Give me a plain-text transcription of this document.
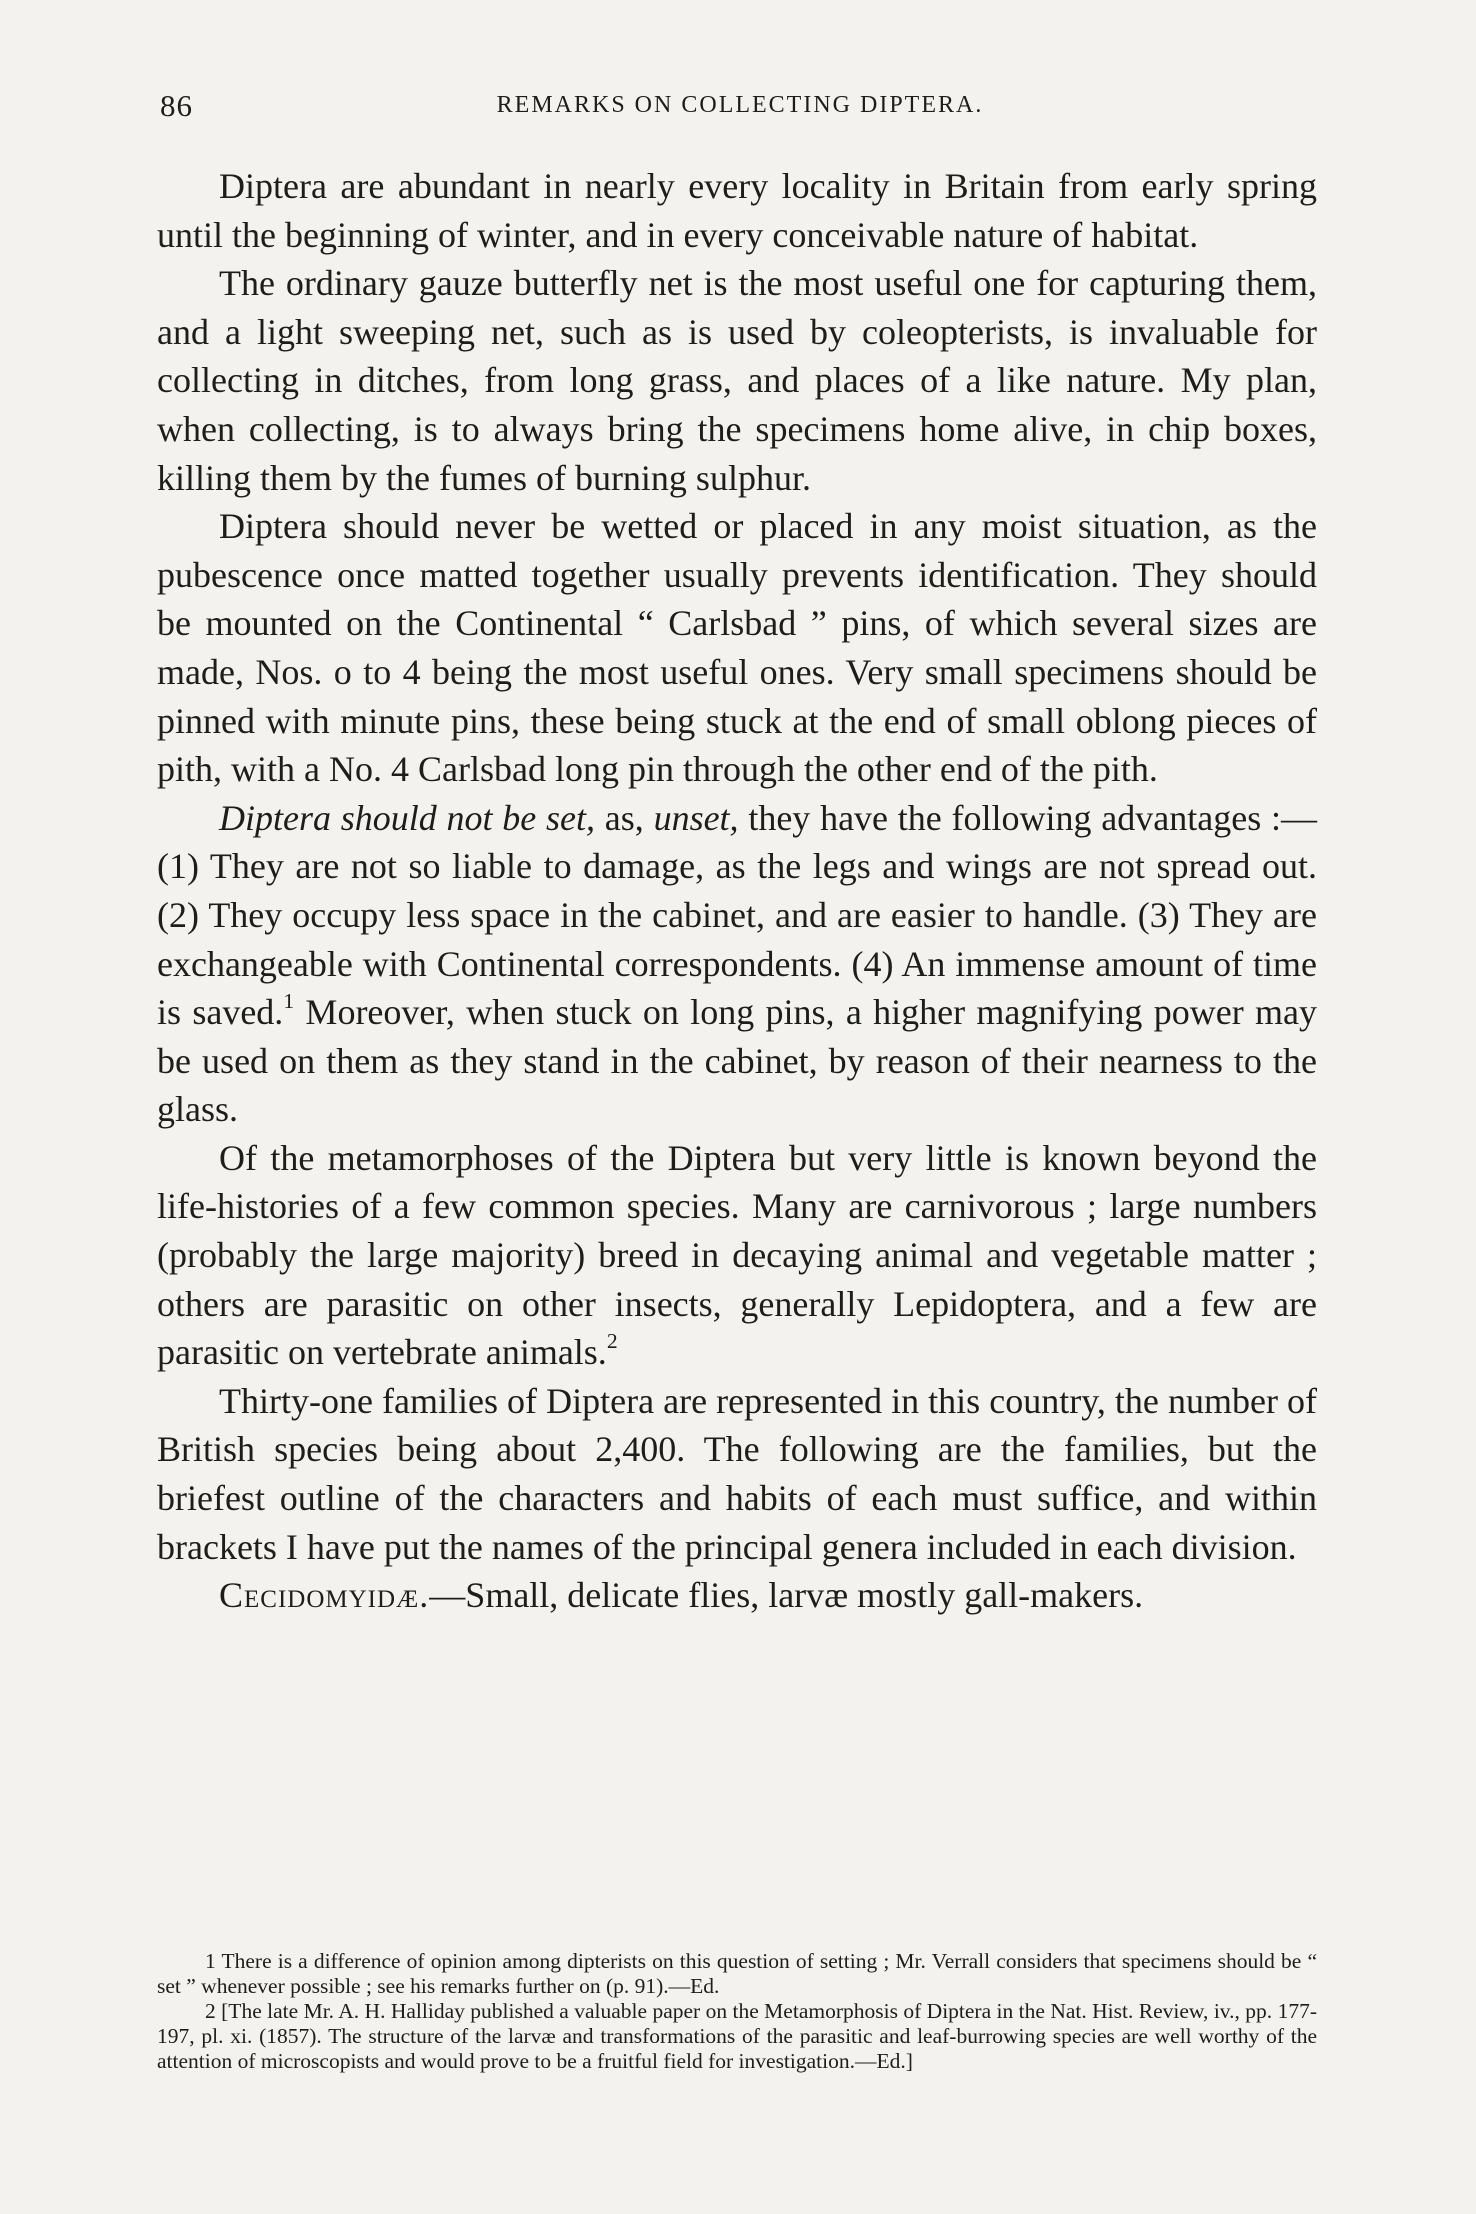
86	REMARKS ON COLLECTING DIPTERA.

Diptera are abundant in nearly every locality in Britain from early spring until the beginning of winter, and in every conceivable nature of habitat.

The ordinary gauze butterfly net is the most useful one for capturing them, and a light sweeping net, such as is used by coleopterists, is invaluable for collecting in ditches, from long grass, and places of a like nature. My plan, when collecting, is to always bring the specimens home alive, in chip boxes, killing them by the fumes of burning sulphur.

Diptera should never be wetted or placed in any moist situation, as the pubescence once matted together usually prevents identification. They should be mounted on the Continental “ Carlsbad ” pins, of which several sizes are made, Nos. o to 4 being the most useful ones. Very small specimens should be pinned with minute pins, these being stuck at the end of small oblong pieces of pith, with a No. 4 Carlsbad long pin through the other end of the pith.

Diptera should not be set, as, unset, they have the following advantages :—(1) They are not so liable to damage, as the legs and wings are not spread out. (2) They occupy less space in the cabinet, and are easier to handle. (3) They are exchangeable with Continental correspondents. (4) An immense amount of time is saved.$^1$ Moreover, when stuck on long pins, a higher magnifying power may be used on them as they stand in the cabinet, by reason of their nearness to the glass.

Of the metamorphoses of the Diptera but very little is known beyond the life-histories of a few common species. Many are carnivorous ; large numbers (probably the large majority) breed in decaying animal and vegetable matter ; others are parasitic on other insects, generally Lepidoptera, and a few are parasitic on vertebrate animals.$^2$

Thirty-one families of Diptera are represented in this country, the number of British species being about 2,400. The following are the families, but the briefest outline of the characters and habits of each must suffice, and within brackets I have put the names of the principal genera included in each division.

Cecidomyidæ.—Small, delicate flies, larvæ mostly gall-makers.

1 There is a difference of opinion among dipterists on this question of setting ; Mr. Verrall considers that specimens should be “ set ” whenever possible ; see his remarks further on (p. 91).—Ed.

2 [The late Mr. A. H. Halliday published a valuable paper on the Metamorphosis of Diptera in the Nat. Hist. Review, iv., pp. 177-197, pl. xi. (1857). The structure of the larvæ and transformations of the parasitic and leaf-burrowing species are well worthy of the attention of microscopists and would prove to be a fruitful field for investigation.—Ed.]
